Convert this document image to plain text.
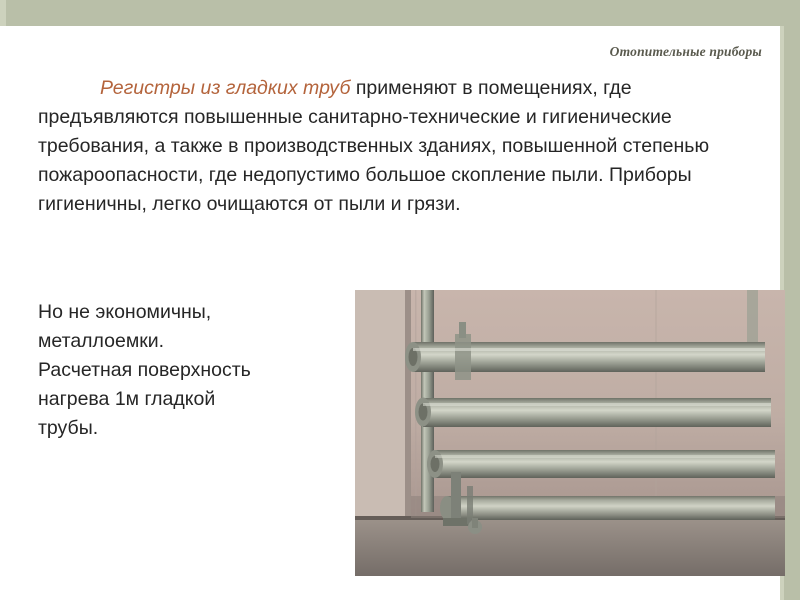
Отопительные приборы
Регистры из гладких труб применяют в помещениях, где предъявляются повышенные санитарно-технические и гигиенические требования, а также в производственных зданиях, повышенной степенью пожароопасности, где недопустимо большое скопление пыли. Приборы гигиеничны, легко очищаются от пыли и грязи.

Но не экономичны,

металлоемки.

Расчетная поверхность

нагрева 1м гладкой

трубы.
